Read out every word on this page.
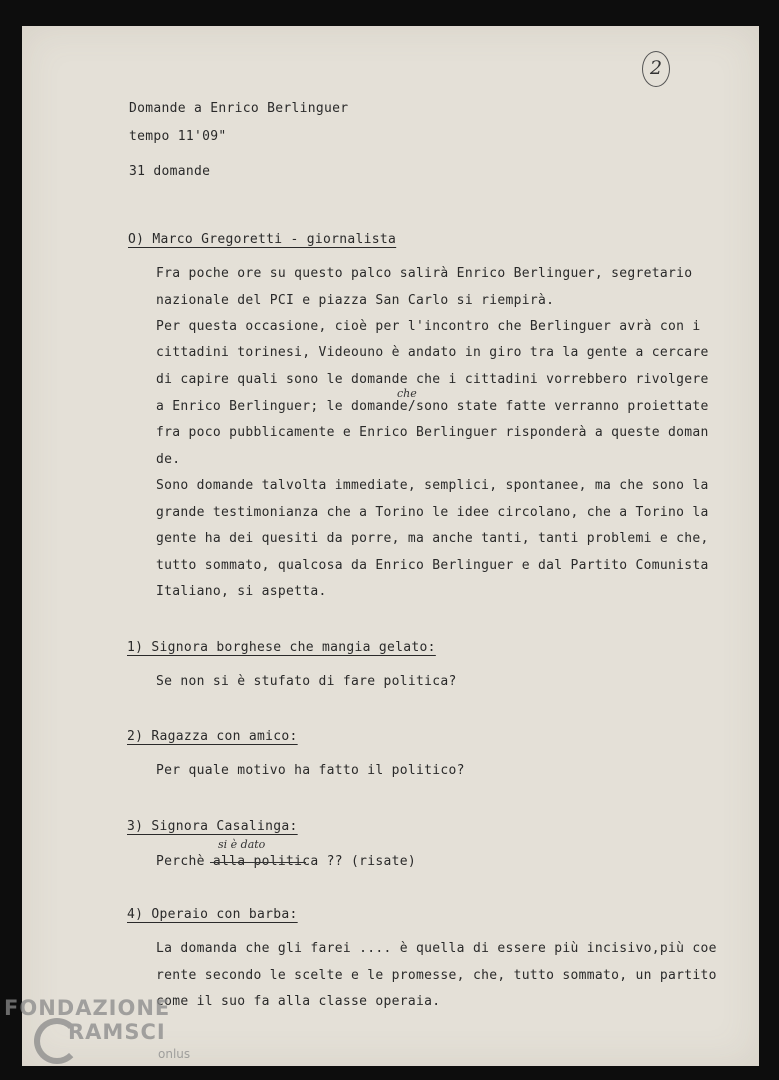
2
Domande a Enrico Berlinguer
tempo 11'09"
31 domande
O) Marco Gregoretti - giornalista
Fra poche ore su questo palco salirà Enrico Berlinguer, segretario
nazionale del PCI e piazza San Carlo si riempirà.
Per questa occasione, cioè per l'incontro che Berlinguer avrà con i
cittadini torinesi, Videouno è andato in giro tra la gente a cercare
di capire quali sono le domande che i cittadini vorrebbero rivolgere
che
a Enrico Berlinguer; le domande/sono state fatte verranno proiettate
fra poco pubblicamente e Enrico Berlinguer risponderà a queste doman
de.
Sono domande talvolta immediate, semplici, spontanee, ma che sono la
grande testimonianza che a Torino le idee circolano, che a Torino la
gente ha dei quesiti da porre, ma anche tanti, tanti problemi e che,
tutto sommato, qualcosa da Enrico Berlinguer e dal Partito Comunista
Italiano, si aspetta.
1) Signora borghese che mangia gelato:
Se non si è stufato di fare politica?
2) Ragazza con amico:
Per quale motivo ha fatto il politico?
3) Signora Casalinga:
si è dato
Perchè alla politica ?? (risate)
4) Operaio con barba:
La domanda che gli farei .... è quella di essere più incisivo,più coe
rente secondo le scelte e le promesse, che, tutto sommato, un partito
come il suo fa alla classe operaia.
FONDAZIONE
RAMSCI
onlus
